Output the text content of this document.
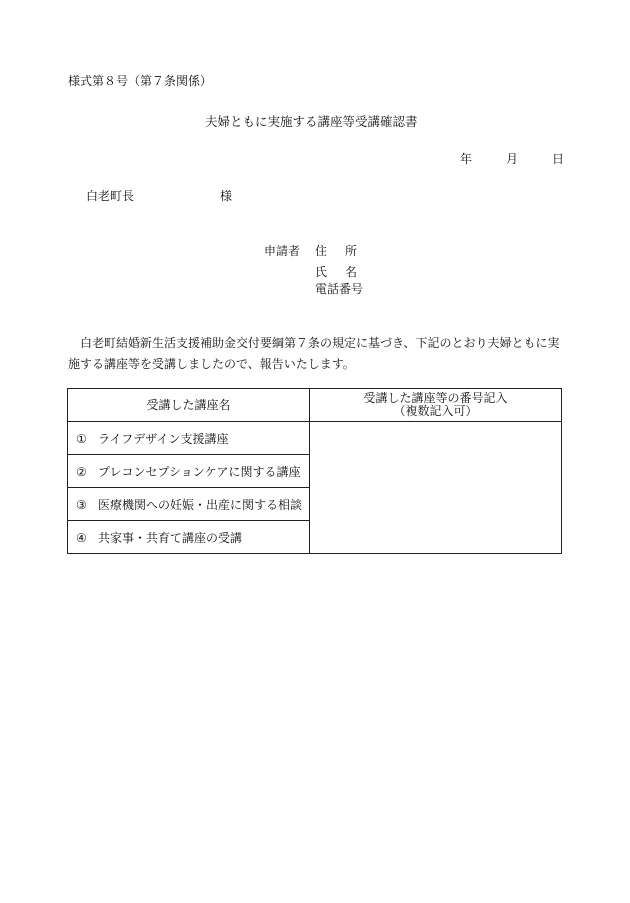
様式第８号（第７条関係）
夫婦ともに実施する講座等受講確認書
年	月	日
白老町長	様
申請者 住所
氏名
電話番号
白老町結婚新生活支援補助金交付要綱第７条の規定に基づき、下記のとおり夫婦ともに実施する講座等を受講しましたので、報告いたします。
受講した講座名	受講した講座等の番号記入
（複数記入可）

① ライフデザイン支援講座	
② プレコンセプションケアに関する講座	
③ 医療機関への妊娠・出産に関する相談	
④ 共家事・共育て講座の受講	
